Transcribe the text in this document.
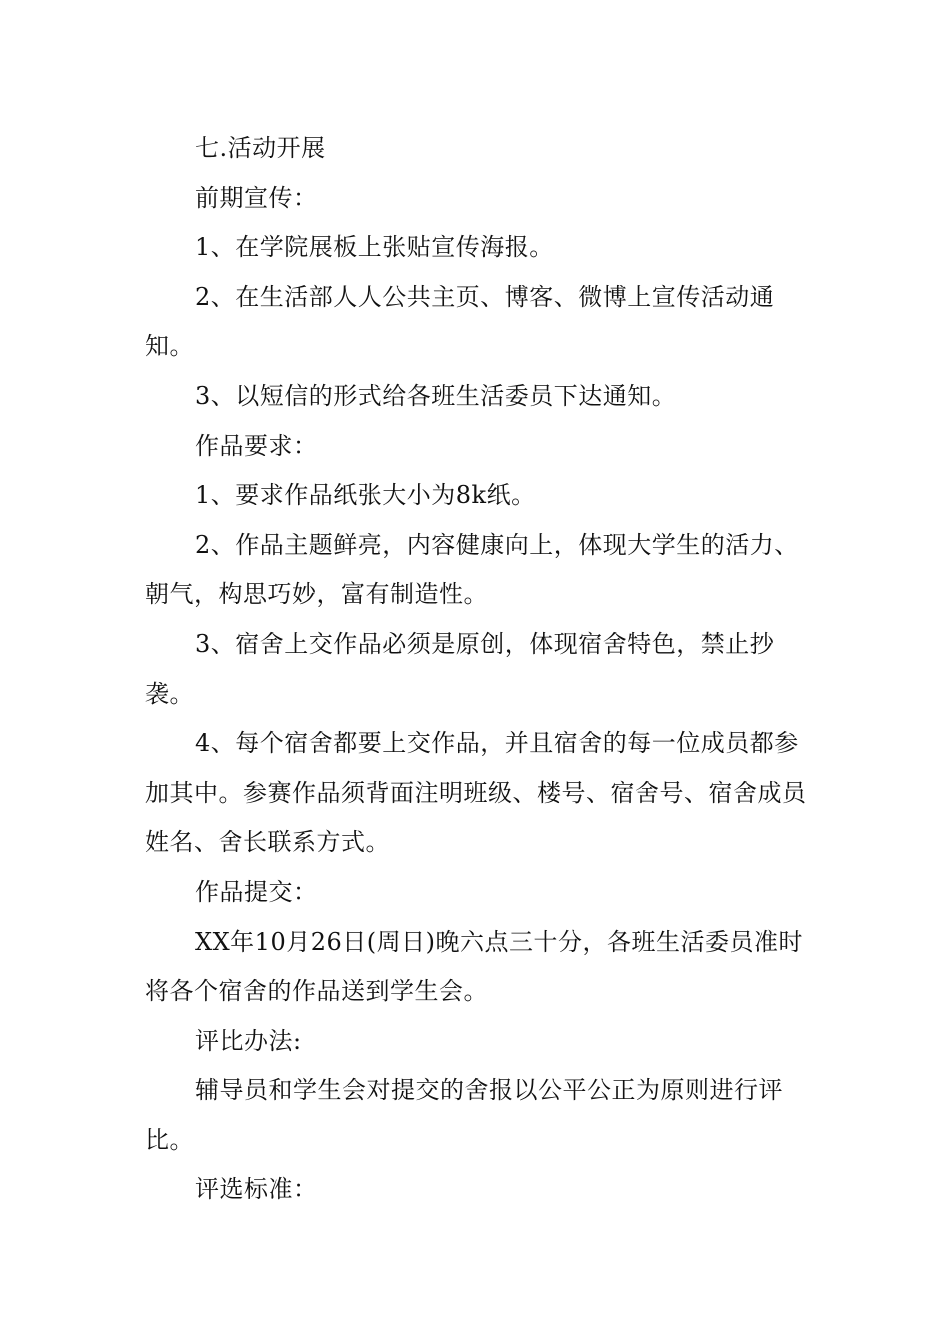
七.活动开展

前期宣传：

1、在学院展板上张贴宣传海报。

2、在生活部人人公共主页、博客、微博上宣传活动通知。

3、以短信的形式给各班生活委员下达通知。

作品要求：

1、要求作品纸张大小为8k纸。

2、作品主题鲜亮，内容健康向上，体现大学生的活力、朝气，构思巧妙，富有制造性。

3、宿舍上交作品必须是原创，体现宿舍特色，禁止抄袭。

4、每个宿舍都要上交作品，并且宿舍的每一位成员都参加其中。参赛作品须背面注明班级、楼号、宿舍号、宿舍成员姓名、舍长联系方式。

作品提交：

XX年10月26日(周日)晚六点三十分，各班生活委员准时将各个宿舍的作品送到学生会。

评比办法:

辅导员和学生会对提交的舍报以公平公正为原则进行评比。

评选标准：
